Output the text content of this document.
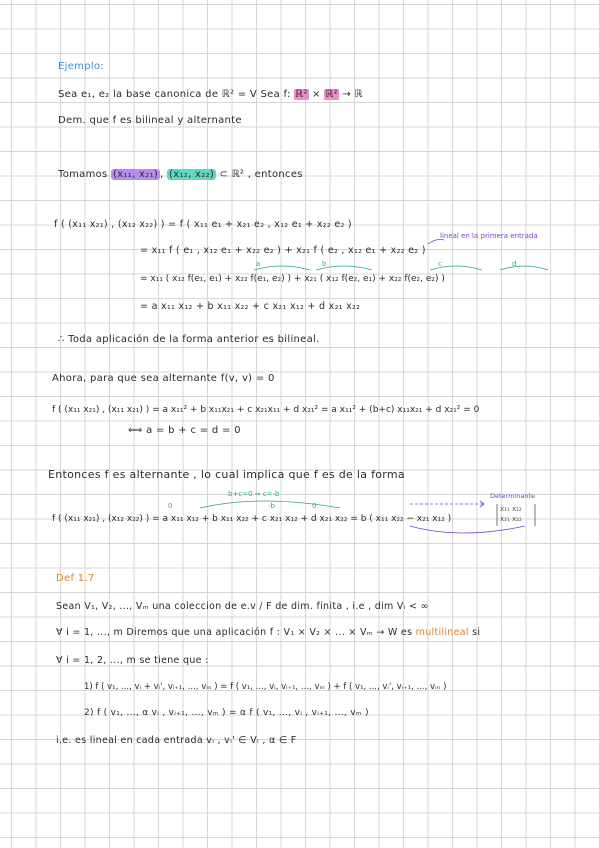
Ejemplo:
Sea e₁, e₂ la base canonica de ℝ² = V Sea f: ℝ² × ℝ² → ℝ
Dem. que f es bilineal y alternante
Tomamos (x₁₁, x₂₁) , (x₁₂, x₂₂) ⊂ ℝ² , entonces
f ( (x₁₁ x₂₁) , (x₁₂ x₂₂) ) = f ( x₁₁ e₁ + x₂₁ e₂ , x₁₂ e₁ + x₂₂ e₂ )
= x₁₁ f ( e₁ , x₁₂ e₁ + x₂₂ e₂ ) + x₂₁ f ( e₂ , x₁₂ e₁ + x₂₂ e₂ )
lineal en la primera entrada
= x₁₁ ( x₁₂ f(e₁, e₁) + x₂₂ f(e₁, e₂) ) + x₂₁ ( x₁₂ f(e₂, e₁) + x₂₂ f(e₂, e₂) )
a	b	c	d
= a x₁₁ x₁₂ + b x₁₁ x₂₂ + c x₂₁ x₁₂ + d x₂₁ x₂₂
∴ Toda aplicación de la forma anterior es bilineal.
Ahora, para que sea alternante f(v, v) = 0
f ( (x₁₁ x₂₁) , (x₁₁ x₂₁) ) = a x₁₁² + b x₁₁x₂₁ + c x₂₁x₁₁ + d x₂₁² = a x₁₁² + (b+c) x₁₁x₂₁ + d x₂₁² = 0
⟺ a = b + c = d = 0
Entonces f es alternante , lo cual implica que f es de la forma
b+c=0 ⇒ c=-b	Determinante
x₁₁ x₁₂
x₂₁ x₂₂
f ( (x₁₁ x₂₁) , (x₁₂ x₂₂) ) = a x₁₁ x₁₂ + b x₁₁ x₂₂ + c x₂₁ x₁₂ + d x₂₁ x₂₂ = b ( x₁₁ x₂₂ − x₂₁ x₁₂ )
0	-b	0
Def 1.7
Sean V₁, V₂, ..., Vₘ una coleccion de e.v / F de dim. finita , i.e , dim Vᵢ < ∞
∀ i = 1, ..., m Diremos que una aplicación f : V₁ × V₂ × ... × Vₘ → W es multilineal si
∀ i = 1, 2, ..., m se tiene que :
1) f ( v₁, ..., vᵢ + vᵢ', vᵢ₊₁, ..., vₘ ) = f ( v₁, ..., vᵢ, vᵢ₊₁, ..., vₘ ) + f ( v₁, ..., vᵢ', vᵢ₊₁, ..., vₘ )
2) f ( v₁, ..., α vᵢ , vᵢ₊₁, ..., vₘ ) = α f ( v₁, ..., vᵢ , vᵢ₊₁, ..., vₘ )
i.e. es lineal en cada entrada vᵢ , vᵢ' ∈ Vᵢ , α ∈ F
